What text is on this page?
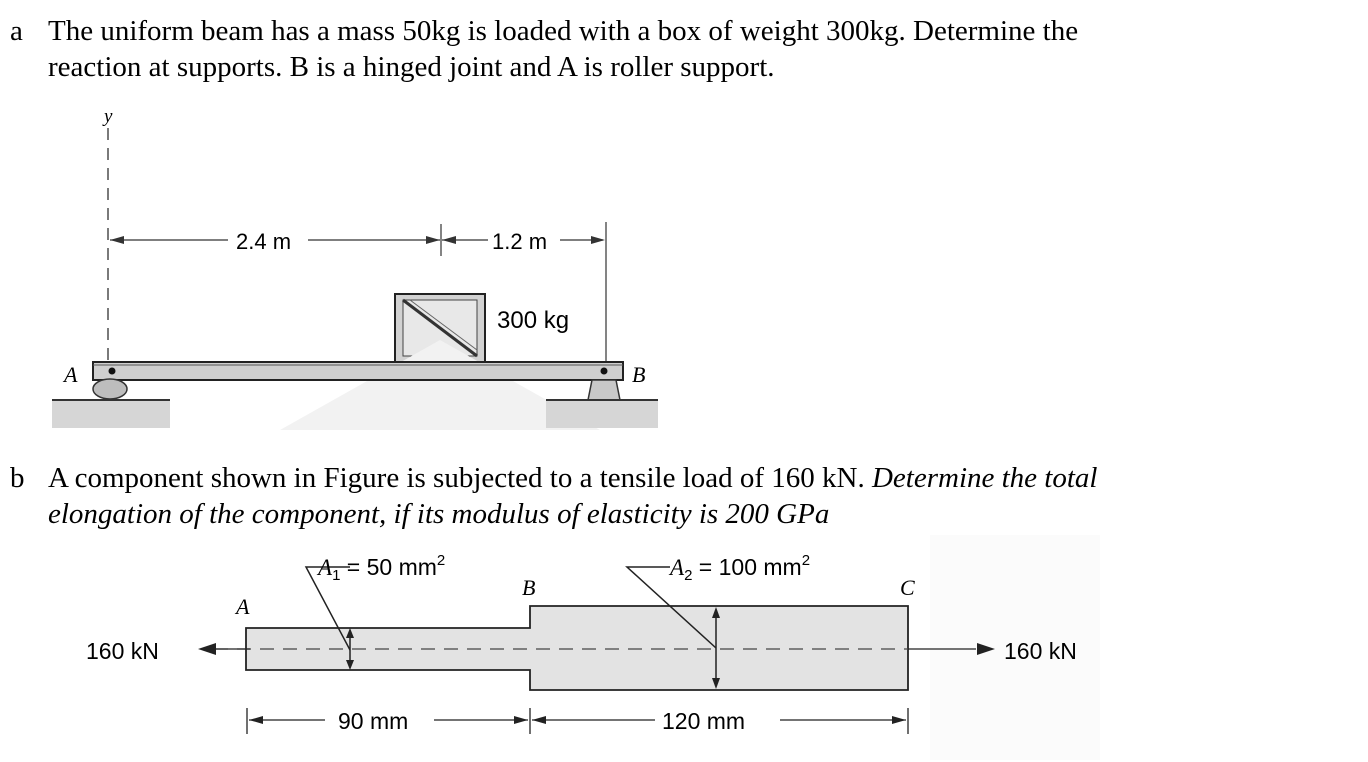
a The uniform beam has a mass 50kg is loaded with a box of weight 300kg. Determine the
reaction at supports. B is a hinged joint and A is roller support.
y
2.4 m	1.2 m
300 kg
A	B
b A component shown in Figure is subjected to a tensile load of 160 kN. Determine the total
elongation of the component, if its modulus of elasticity is 200 GPa
160 kN	160 kN
$A_1 = 50$ $mm^2$	$A_2 = 100$ $mm^2$
A
B	C
90 mm	120 mm
